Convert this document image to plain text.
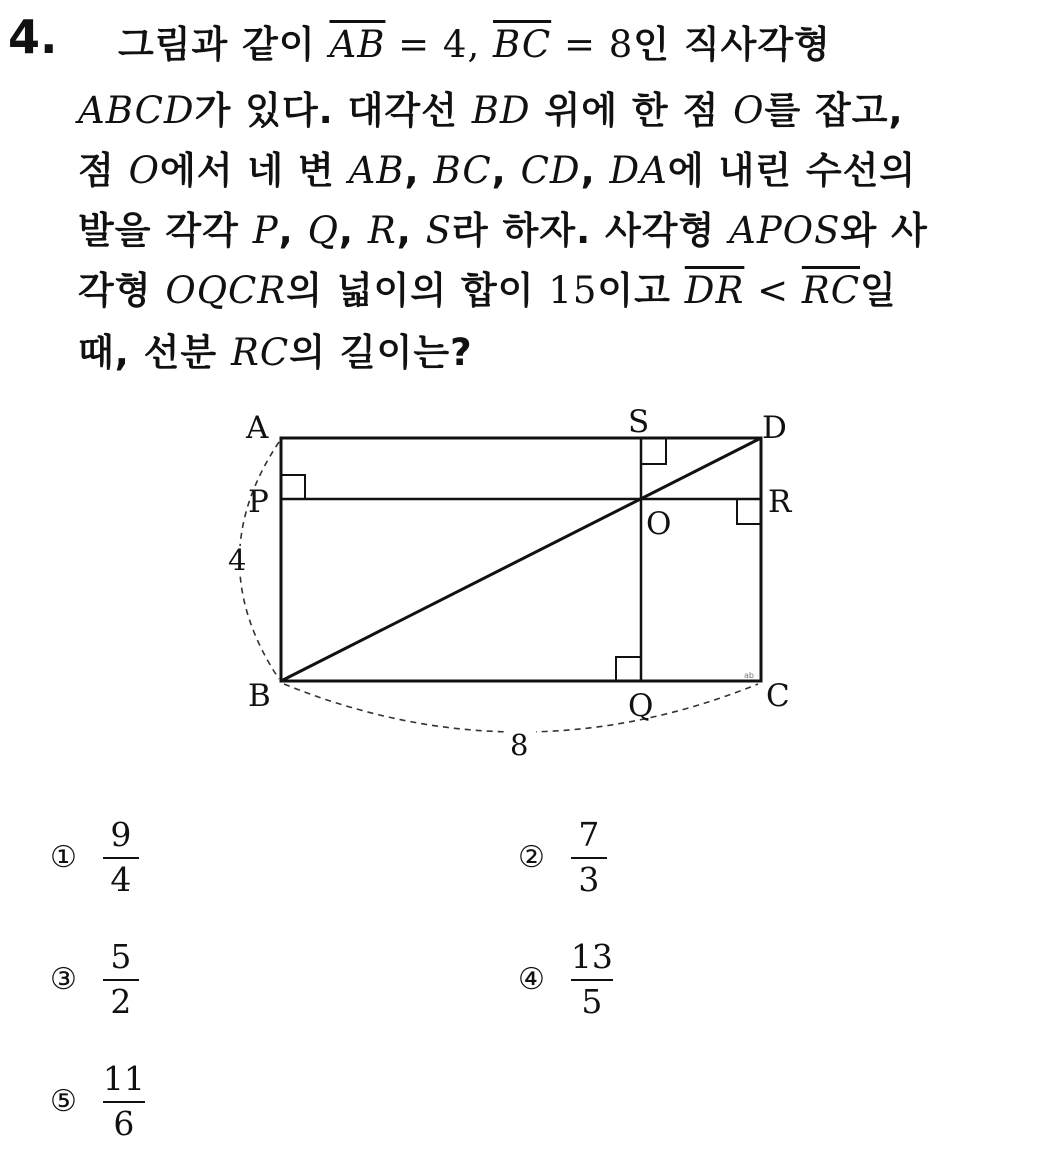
4. 그림과 같이 $\overline{AB} = 4$, $\overline{BC} = 8$인 직사각형
ABCD가 있다. 대각선 BD 위에 한 점 O를 잡고,
점 O에서 네 변 AB, BC, CD, DA에 내린 수선의
발을 각각 P, Q, R, S라 하자. 사각형 APOS와 사
각형 OQCR의 넓이의 합이 15이고 $\overline{DR} < \overline{RC}$일
때, 선분 RC의 길이는?
A
B	C
D
P	R
S
Q
O
4
8
ab
① $\frac{9}{4}$	② $\frac{7}{3}$
③ $\frac{5}{2}$	④ $\frac{13}{5}$
⑤ $\frac{11}{6}$
